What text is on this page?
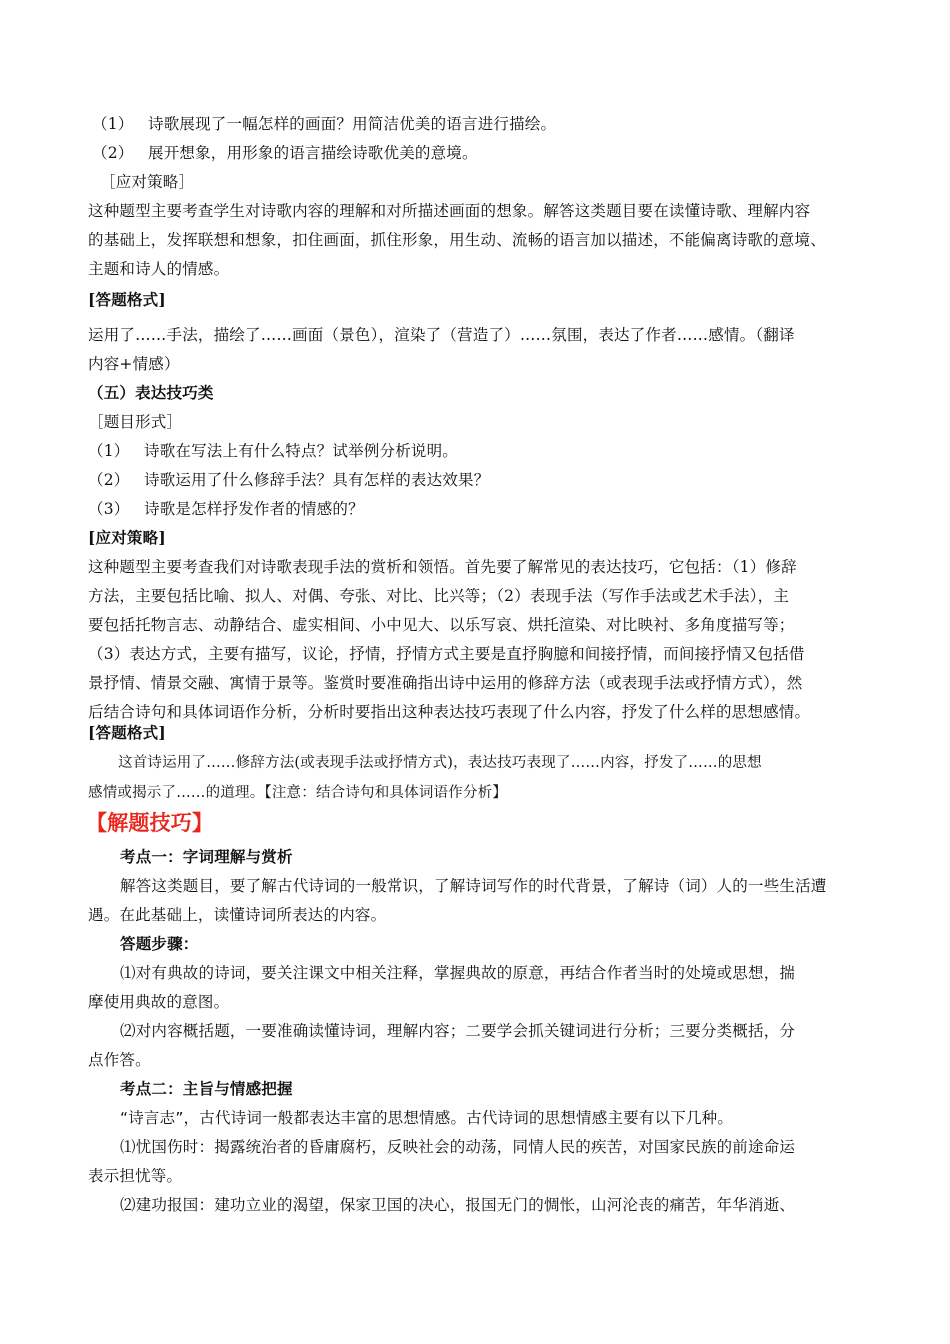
（1） 诗歌展现了一幅怎样的画面？用简洁优美的语言进行描绘。
（2） 展开想象，用形象的语言描绘诗歌优美的意境。
［应对策略］
这种题型主要考查学生对诗歌内容的理解和对所描述画面的想象。解答这类题目要在读懂诗歌、理解内容
的基础上，发挥联想和想象，扣住画面，抓住形象，用生动、流畅的语言加以描述，不能偏离诗歌的意境、
主题和诗人的情感。
[答题格式]
运用了……手法，描绘了……画面（景色），渲染了（营造了）……氛围，表达了作者……感情。（翻译
内容+情感）
（五）表达技巧类
［题目形式］
（1） 诗歌在写法上有什么特点？试举例分析说明。
（2） 诗歌运用了什么修辞手法？具有怎样的表达效果？
（3） 诗歌是怎样抒发作者的情感的？
[应对策略]
这种题型主要考查我们对诗歌表现手法的赏析和领悟。首先要了解常见的表达技巧，它包括：（1）修辞
方法，主要包括比喻、拟人、对偶、夸张、对比、比兴等；（2）表现手法（写作手法或艺术手法），主
要包括托物言志、动静结合、虚实相间、小中见大、以乐写哀、烘托渲染、对比映衬、多角度描写等；
（3）表达方式，主要有描写，议论，抒情，抒情方式主要是直抒胸臆和间接抒情，而间接抒情又包括借
景抒情、情景交融、寓情于景等。鉴赏时要准确指出诗中运用的修辞方法（或表现手法或抒情方式），然
后结合诗句和具体词语作分析，分析时要指出这种表达技巧表现了什么内容，抒发了什么样的思想感情。
[答题格式]
这首诗运用了……修辞方法(或表现手法或抒情方式)，表达技巧表现了……内容，抒发了……的思想
感情或揭示了……的道理。【注意：结合诗句和具体词语作分析】
【解题技巧】
考点一：字词理解与赏析
解答这类题目，要了解古代诗词的一般常识，了解诗词写作的时代背景，了解诗（词）人的一些生活遭
遇。在此基础上，读懂诗词所表达的内容。
答题步骤：
⑴对有典故的诗词，要关注课文中相关注释，掌握典故的原意，再结合作者当时的处境或思想，揣
摩使用典故的意图。
⑵对内容概括题，一要准确读懂诗词，理解内容；二要学会抓关键词进行分析；三要分类概括，分
点作答。
考点二：主旨与情感把握
“诗言志”，古代诗词一般都表达丰富的思想情感。古代诗词的思想情感主要有以下几种。
⑴忧国伤时：揭露统治者的昏庸腐朽，反映社会的动荡，同情人民的疾苦，对国家民族的前途命运
表示担忧等。
⑵建功报国：建功立业的渴望，保家卫国的决心，报国无门的惆怅，山河沦丧的痛苦，年华消逝、
